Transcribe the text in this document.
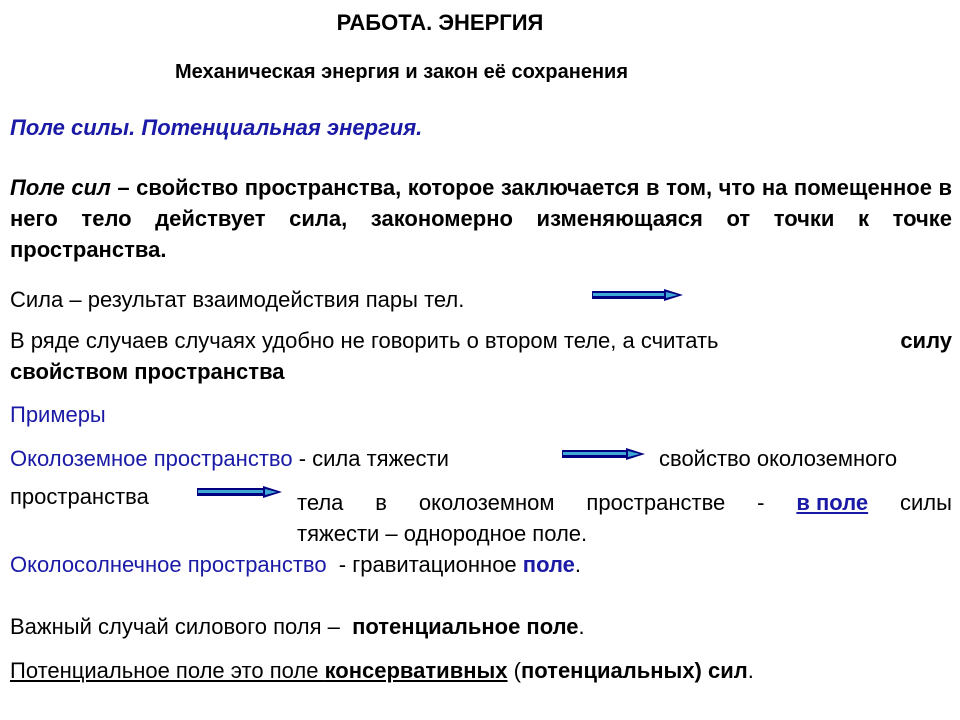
РАБОТА. ЭНЕРГИЯ
Механическая энергия и закон её сохранения
Поле силы. Потенциальная энергия.
Поле сил – свойство пространства, которое заключается в том, что на помещенное в него тело действует сила, закономерно изменяющаяся от точки к точке пространства.
Сила – результат взаимодействия пары тел.
В ряде случаев случаях удобно не говорить о втором теле, а считать	силу
свойством пространства
Примеры
Околоземное пространство - сила тяжести	свойство околоземного
пространства	тела в околоземном пространстве - в поле силы
тяжести – однородное поле.
Околосолнечное пространство  - гравитационное поле.
Важный случай силового поля –  потенциальное поле.
Потенциальное поле это поле консервативных (потенциальных) сил.
